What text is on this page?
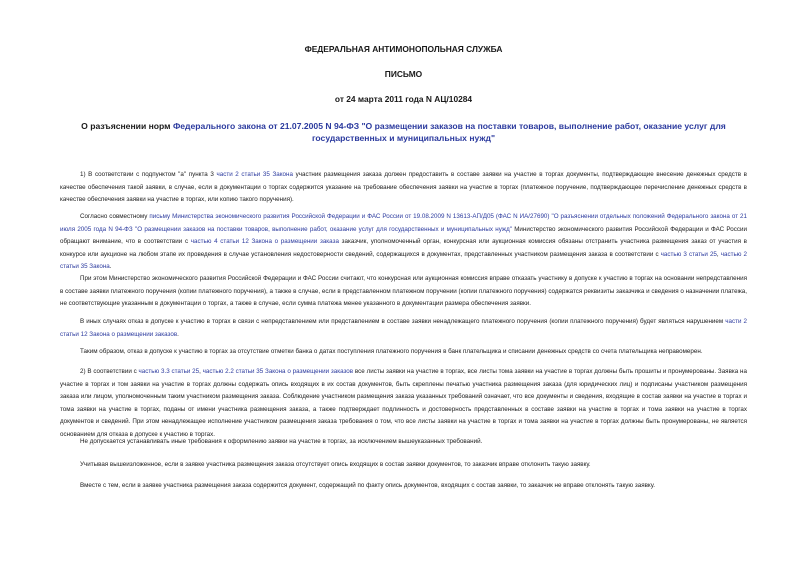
ФЕДЕРАЛЬНАЯ АНТИМОНОПОЛЬНАЯ СЛУЖБА
ПИСЬМО
от 24 марта 2011 года N АЦ/10284
О разъяснении норм Федерального закона от 21.07.2005 N 94-ФЗ "О размещении заказов на поставки товаров, выполнение работ, оказание услуг для государственных и муниципальных нужд"
1) В соответствии с подпунктом "а" пункта 3 части 2 статьи 35 Закона участник размещения заказа должен предоставить в составе заявки на участие в торгах документы, подтверждающие внесение денежных средств в качестве обеспечения такой заявки, в случае, если в документации о торгах содержится указание на требование обеспечения заявки на участие в торгах (платежное поручение, подтверждающее перечисление денежных средств в качестве обеспечения заявки на участие в торгах, или копию такого поручения).
Согласно совместному письму Министерства экономического развития Российской Федерации и ФАС России от 19.08.2009 N 13613-АП/Д05 (ФАС N ИА/27690) "О разъяснении отдельных положений Федерального закона от 21 июля 2005 года N 94-ФЗ "О размещении заказов на поставки товаров, выполнение работ, оказание услуг для государственных и муниципальных нужд" Министерство экономического развития Российской Федерации и ФАС России обращают внимание, что в соответствии с частью 4 статьи 12 Закона о размещении заказа заказчик, уполномоченный орган, конкурсная или аукционная комиссия обязаны отстранить участника размещения заказ от участия в конкурсе или аукционе на любом этапе их проведения в случае установления недостоверности сведений, содержащихся в документах, представленных участником размещения заказа в соответствии с частью 3 статьи 25, частью 2 статьи 35 Закона.
При этом Министерство экономического развития Российской Федерации и ФАС России считают, что конкурсная или аукционная комиссия вправе отказать участнику в допуске к участию в торгах на основании непредставления в составе заявки платежного поручения (копии платежного поручения), а также в случае, если в представленном платежном поручении (копии платежного поручения) содержатся реквизиты заказчика и сведения о назначении платежа, не соответствующие указанным в документации о торгах, а также в случае, если сумма платежа менее указанного в документации размера обеспечения заявки.
В иных случаях отказ в допуске к участию в торгах в связи с непредставлением или представлением в составе заявки ненадлежащего платежного поручения (копии платежного поручения) будет являться нарушением части 2 статьи 12 Закона о размещении заказов.
Таким образом, отказ в допуске к участию в торгах за отсутствие отметки банка о датах поступления платежного поручения в банк плательщика и списании денежных средств со счета плательщика неправомерен.
2) В соответствии с частью 3.3 статьи 25, частью 2.2 статьи 35 Закона о размещении заказов все листы заявки на участие в торгах, все листы тома заявки на участие в торгах должны быть прошиты и пронумерованы. Заявка на участие в торгах и том заявки на участие в торгах должны содержать опись входящих в их состав документов, быть скреплены печатью участника размещения заказа (для юридических лиц) и подписаны участником размещения заказа или лицом, уполномоченным таким участником размещения заказа. Соблюдение участником размещения заказа указанных требований означает, что все документы и сведения, входящие в состав заявки на участие в торгах и тома заявки на участие в торгах, поданы от имени участника размещения заказа, а также подтверждает подлинность и достоверность представленных в составе заявки на участие в торгах и тома заявки на участие в торгах документов и сведений. При этом ненадлежащее исполнение участником размещения заказа требования о том, что все листы заявки на участие в торгах и тома заявки на участие в торгах должны быть пронумерованы, не является основанием для отказа в допуске к участию в торгах.
Не допускается устанавливать иные требования к оформлению заявки на участие в торгах, за исключением вышеуказанных требований.
Учитывая вышеизложенное, если в заявке участника размещения заказа отсутствует опись входящих в состав заявки документов, то заказчик вправе отклонить такую заявку.
Вместе с тем, если в заявке участника размещения заказа содержится документ, содержащий по факту опись документов, входящих с состав заявки, то заказчик не вправе отклонять такую заявку.
